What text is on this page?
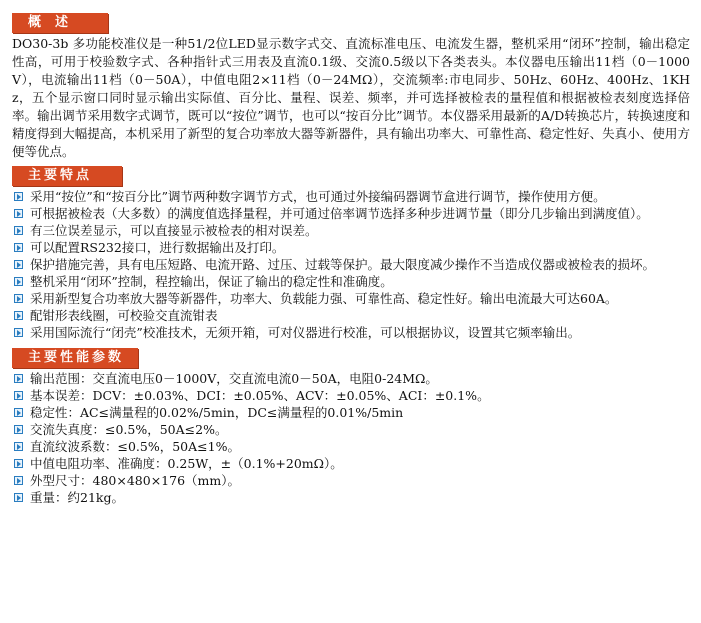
概述
DO30-3b 多功能校准仪是一种51/2位LED显示数字式交、直流标准电压、电流发生器，整机采用“闭环”控制，输出稳定性高，可用于校验数字式、各种指针式三用表及直流0.1级、交流0.5级以下各类表头。本仪器电压输出11档（0－1000V），电流输出11档（0－50A），中值电阻2×11档（0－24MΩ），交流频率:市电同步、50Hz、60Hz、400Hz、1KHz，五个显示窗口同时显示输出实际值、百分比、量程、误差、频率，并可选择被检表的量程值和根据被检表刻度选择倍率。输出调节采用数字式调节，既可以“按位”调节，也可以“按百分比”调节。本仪器采用最新的A/D转换芯片，转换速度和精度得到大幅提高，本机采用了新型的复合功率放大器等新器件，具有输出功率大、可靠性高、稳定性好、失真小、使用方便等优点。
主要特点
采用“按位”和“按百分比”调节两种数字调节方式，也可通过外接编码器调节盒进行调节，操作使用方便。
可根据被检表（大多数）的满度值选择量程，并可通过倍率调节选择多种步进调节量（即分几步输出到满度值）。
有三位误差显示，可以直接显示被检表的相对误差。
可以配置RS232接口，进行数据输出及打印。
保护措施完善，具有电压短路、电流开路、过压、过载等保护。最大限度减少操作不当造成仪器或被检表的损坏。
整机采用“闭环”控制，程控输出，保证了输出的稳定性和准确度。
采用新型复合功率放大器等新器件，功率大、负载能力强、可靠性高、稳定性好。输出电流最大可达60A。
配钳形表线圈，可校验交直流钳表
采用国际流行“闭壳”校准技术，无须开箱，可对仪器进行校准，可以根据协议，设置其它频率输出。
主要性能参数
输出范围：交直流电压0－1000V，交直流电流0－50A，电阻0-24MΩ。
基本误差：DCV：±0.03%、DCI：±0.05%、ACV：±0.05%、ACI：±0.1%。
稳定性：AC≤满量程的0.02%/5min，DC≤满量程的0.01%/5min
交流失真度：≤0.5%，50A≤2%。
直流纹波系数：≤0.5%，50A≤1%。
中值电阻功率、准确度：0.25W，±（0.1%+20mΩ）。
外型尺寸：480×480×176（mm）。
重量：约21kg。
